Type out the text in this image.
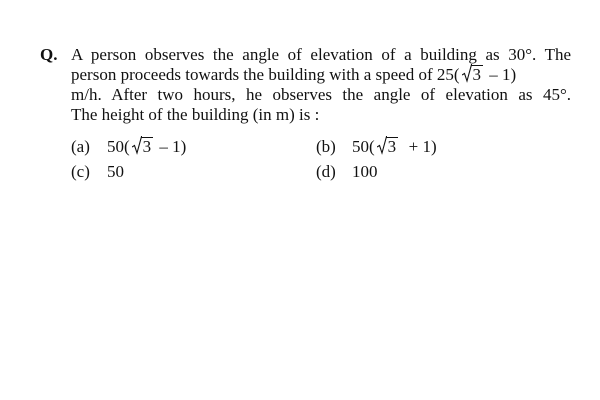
Q. A person observes the angle of elevation of a building as 30°. The
person proceeds towards the building with a speed of 25( 3 – 1)
m/h. After two hours, he observes the angle of elevation as 45°.
The height of the building (in m) is :
(a) 50( 3 – 1)	(b) 50( 3  + 1)
(c) 50	(d) 100
